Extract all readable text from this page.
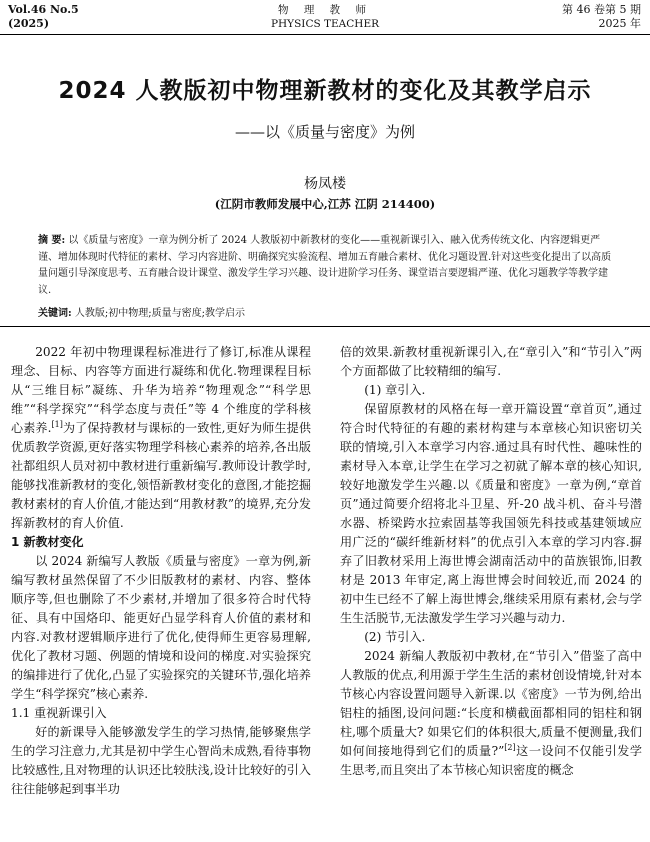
Vol.46 No.5
(2025)
物 理 教 师
PHYSICS TEACHER
第 46 卷第 5 期
2025 年
2024 人教版初中物理新教材的变化及其教学启示
——以《质量与密度》为例
杨凤楼
(江阴市教师发展中心,江苏 江阴 214400)
摘 要: 以《质量与密度》一章为例分析了 2024 人教版初中新教材的变化——重视新课引入、融入优秀传统文化、内容逻辑更严谨、增加体现时代特征的素材、学习内容进阶、明确探究实验流程、增加五育融合素材、优化习题设置.针对这些变化提出了以高质量问题引导深度思考、五育融合设计课堂、激发学生学习兴趣、设计进阶学习任务、课堂语言要逻辑严谨、优化习题教学等教学建议.
关键词: 人教版;初中物理;质量与密度;教学启示

2022 年初中物理课程标准进行了修订,标准从课程理念、目标、内容等方面进行凝练和优化.物理课程目标从“三维目标”凝练、升华为培养“物理观念”“科学思维”“科学探究”“科学态度与责任”等 4 个维度的学科核心素养.[1]为了保持教材与课标的一致性,更好为师生提供优质教学资源,更好落实物理学科核心素养的培养,各出版社都组织人员对初中教材进行重新编写.教师设计教学时,能够找准新教材的变化,领悟新教材变化的意图,才能挖掘教材素材的育人价值,才能达到“用教材教”的境界,充分发挥新教材的育人价值.

1 新教材变化

以 2024 新编写人教版《质量与密度》一章为例,新编写教材虽然保留了不少旧版教材的素材、内容、整体顺序等,但也删除了不少素材,并增加了很多符合时代特征、具有中国烙印、能更好凸显学科育人价值的素材和内容.对教材逻辑顺序进行了优化,使得师生更容易理解,优化了教材习题、例题的情境和设问的梯度.对实验探究的编排进行了优化,凸显了实验探究的关键环节,强化培养学生“科学探究”核心素养.

1.1 重视新课引入

好的新课导入能够激发学生的学习热情,能够聚焦学生的学习注意力,尤其是初中学生心智尚未成熟,看待事物比较感性,且对物理的认识还比较肤浅,设计比较好的引入往往能够起到事半功

倍的效果.新教材重视新课引入,在“章引入”和“节引入”两个方面都做了比较精细的编写.

(1) 章引入.

保留原教材的风格在每一章开篇设置“章首页”,通过符合时代特征的有趣的素材构建与本章核心知识密切关联的情境,引入本章学习内容.通过具有时代性、趣味性的素材导入本章,让学生在学习之初就了解本章的核心知识,较好地激发学生兴趣.以《质量和密度》一章为例,“章首页”通过简要介绍将北斗卫星、歼-20 战斗机、奋斗号潜水器、桥梁跨水拉索固基等我国领先科技或基建领域应用广泛的“碳纤维新材料”的优点引入本章的学习内容.摒弃了旧教材采用上海世博会湖南活动中的苗族银饰,旧教材是 2013 年审定,离上海世博会时间较近,而 2024 的初中生已经不了解上海世博会,继续采用原有素材,会与学生生活脱节,无法激发学生学习兴趣与动力.

(2) 节引入.

2024 新编人教版初中教材,在“节引入”借鉴了高中人教版的优点,利用源于学生生活的素材创设情境,针对本节核心内容设置问题导入新课.以《密度》一节为例,给出铝柱的插图,设问问题:“长度和横截面都相同的铝柱和钢柱,哪个质量大? 如果它们的体积很大,质量不便测量,我们如何间接地得到它们的质量?”[2]这一设问不仅能引发学生思考,而且突出了本节核心知识密度的概念
